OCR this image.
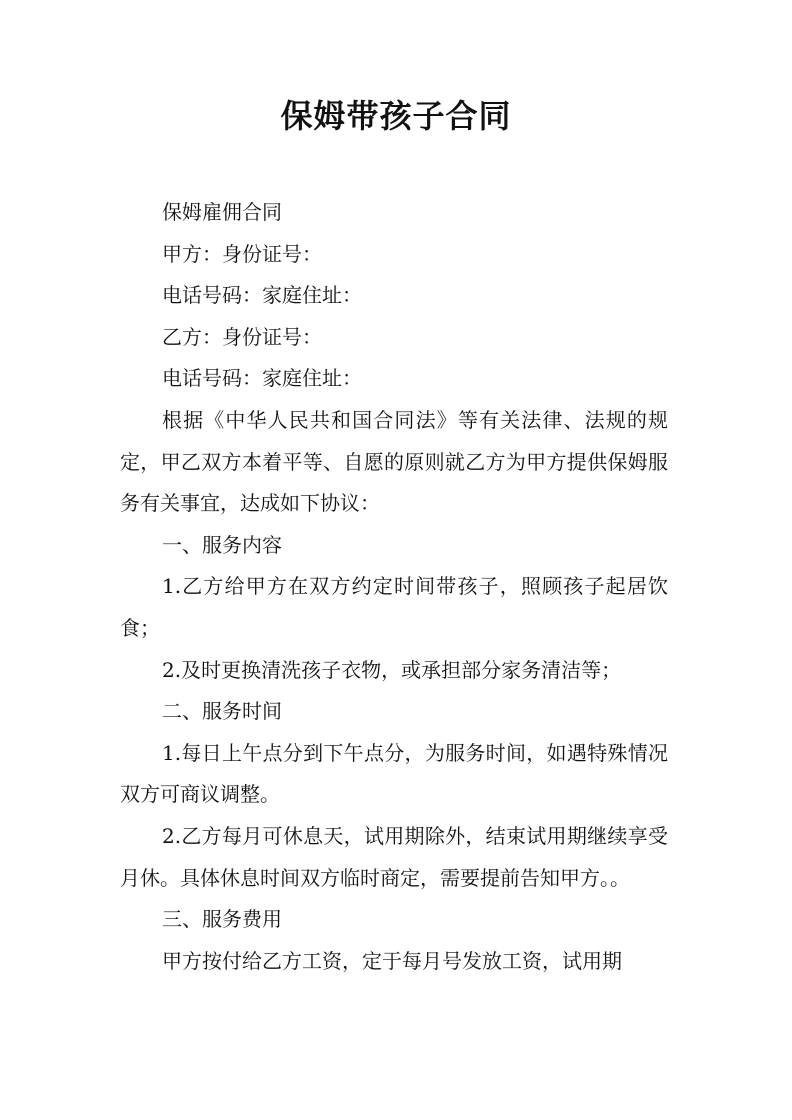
保姆带孩子合同

保姆雇佣合同

甲方：身份证号：

电话号码：家庭住址：

乙方：身份证号：

电话号码：家庭住址：

根据《中华人民共和国合同法》等有关法律、法规的规定，甲乙双方本着平等、自愿的原则就乙方为甲方提供保姆服务有关事宜，达成如下协议：

一、服务内容

1.乙方给甲方在双方约定时间带孩子，照顾孩子起居饮食；

2.及时更换清洗孩子衣物，或承担部分家务清洁等；

二、服务时间

1.每日上午点分到下午点分，为服务时间，如遇特殊情况双方可商议调整。

2.乙方每月可休息天，试用期除外，结束试用期继续享受月休。具体休息时间双方临时商定，需要提前告知甲方。。

三、服务费用

甲方按付给乙方工资，定于每月号发放工资，试用期
